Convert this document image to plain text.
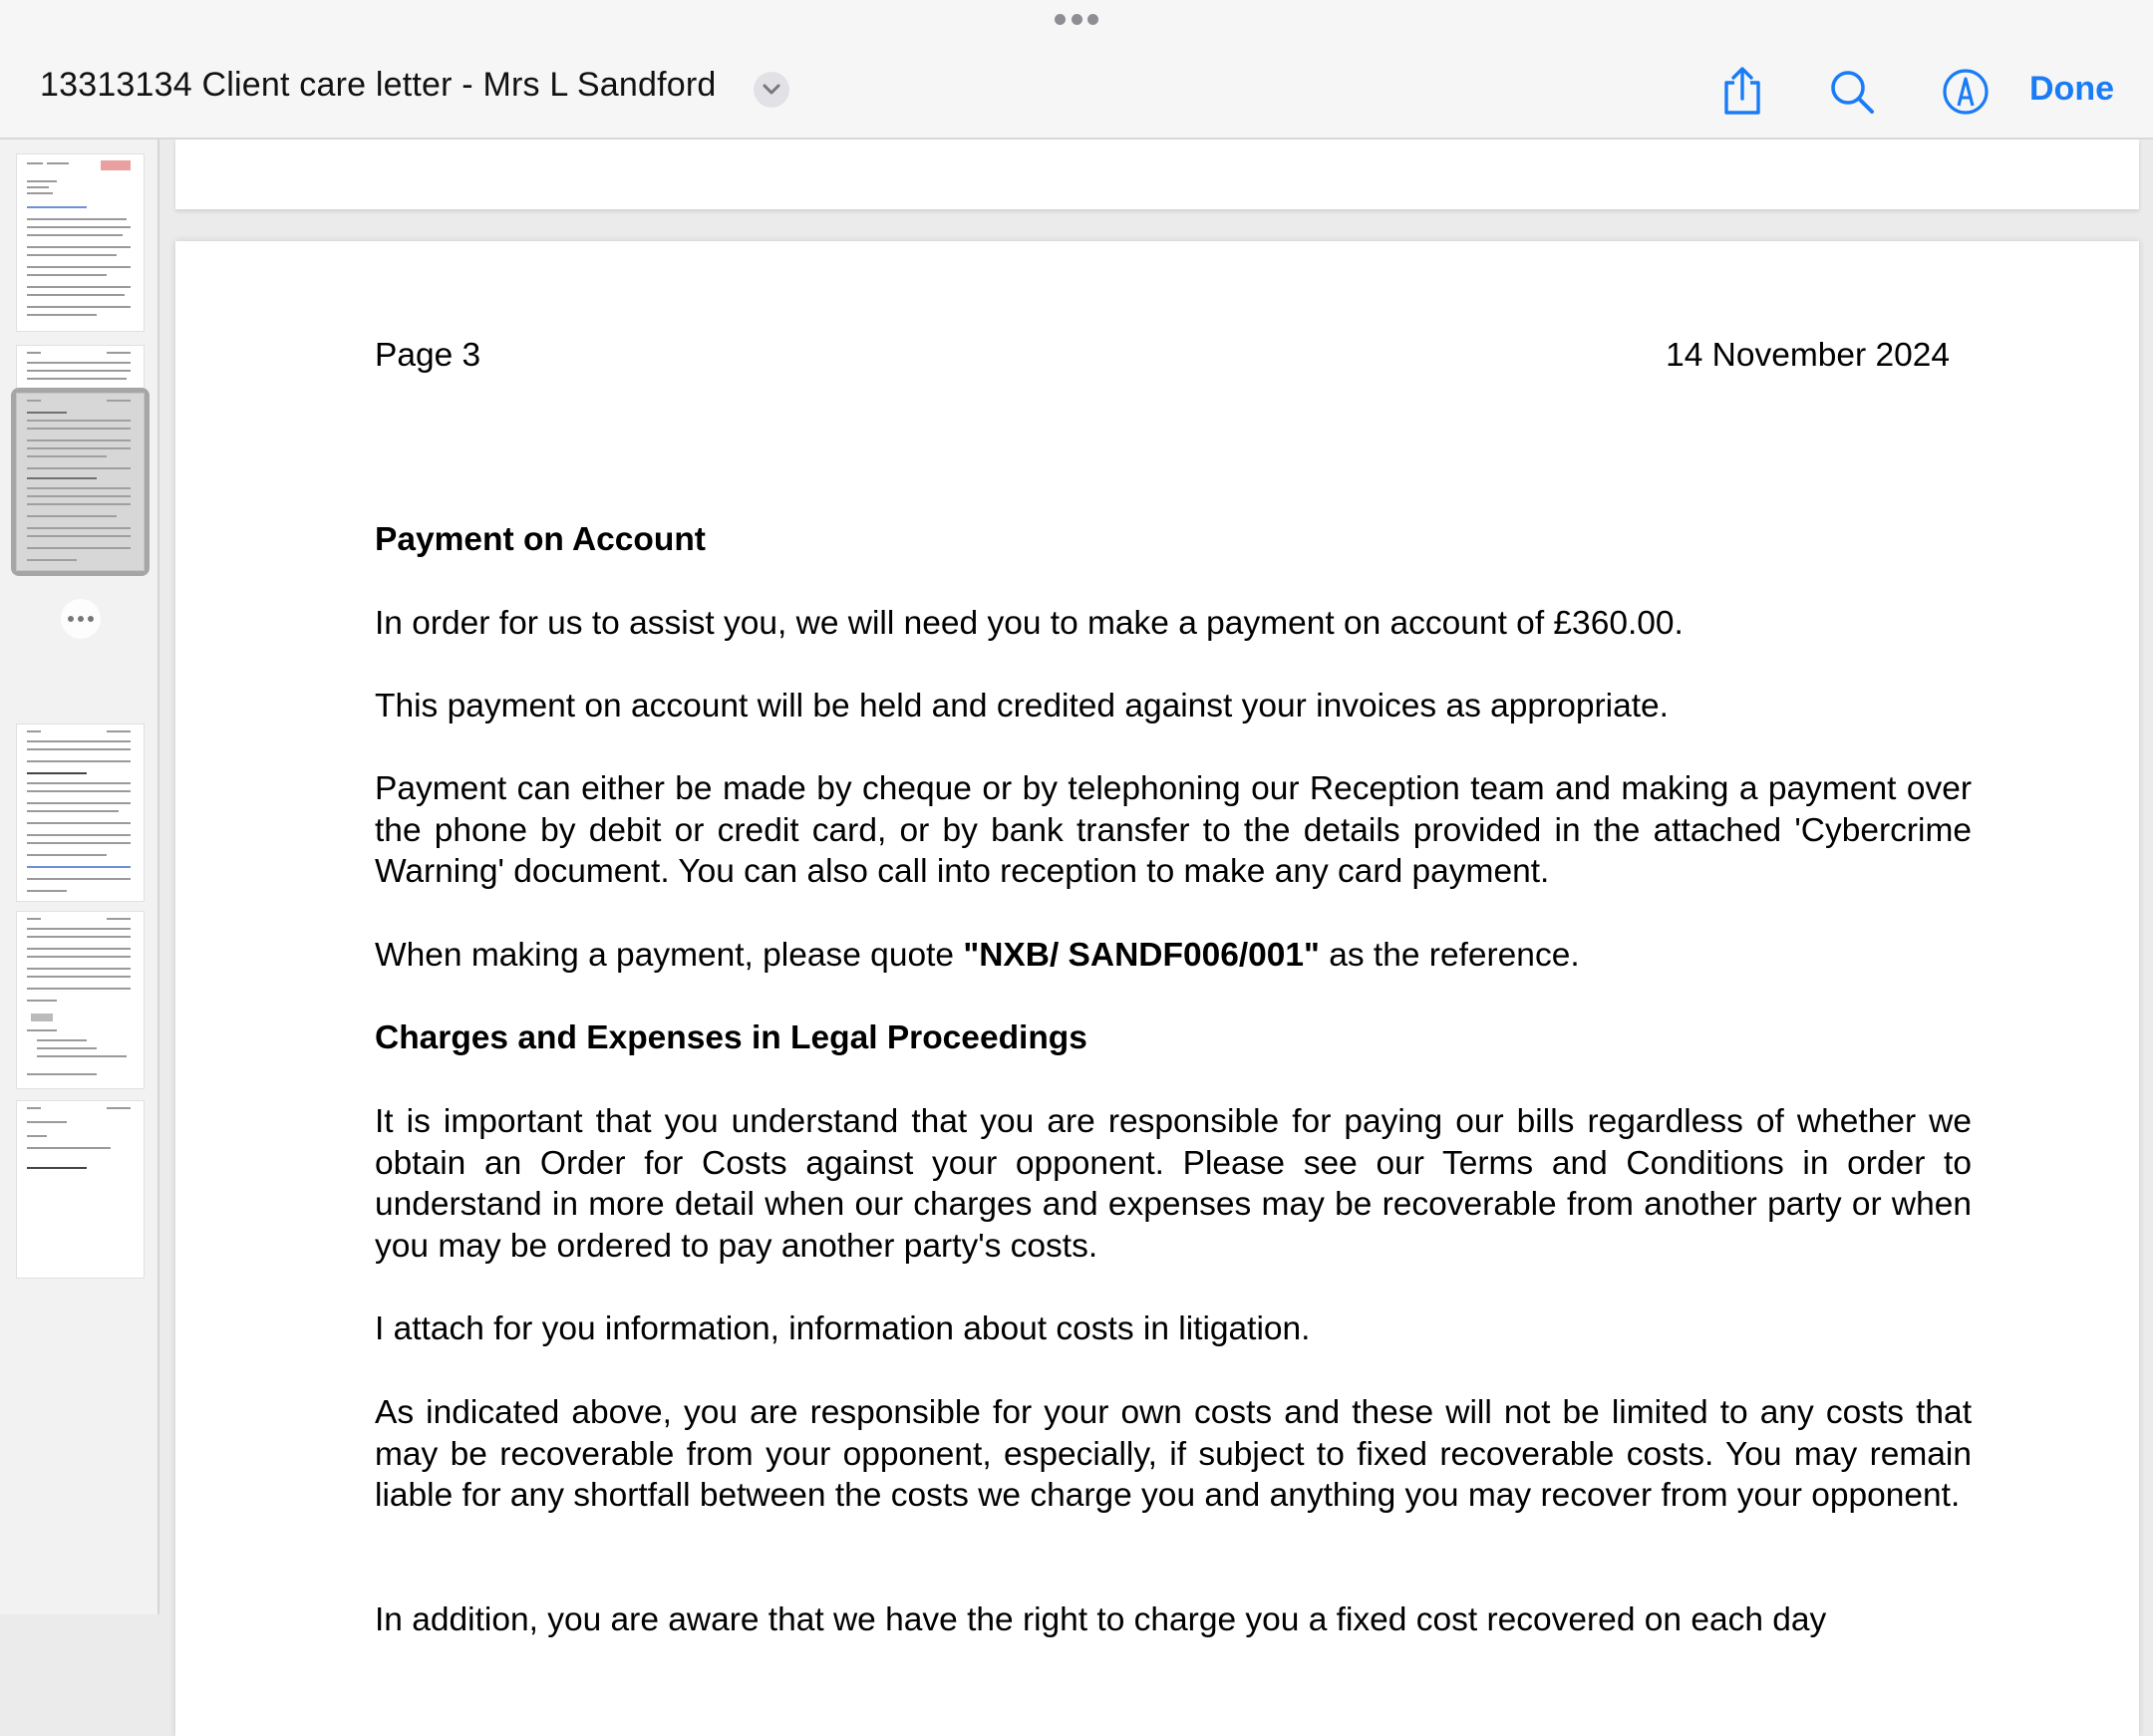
13313134 Client care letter - Mrs L Sandford	Done
Page 3	14 November 2024
Payment on Account
In order for us to assist you, we will need you to make a payment on account of £360.00.
This payment on account will be held and credited against your invoices as appropriate.
Payment can either be made by cheque or by telephoning our Reception team and making a payment over the phone by debit or credit card, or by bank transfer to the details provided in the attached 'Cybercrime Warning' document. You can also call into reception to make any card payment.
When making a payment, please quote "NXB/ SANDF006/001" as the reference.
Charges and Expenses in Legal Proceedings
It is important that you understand that you are responsible for paying our bills regardless of whether we obtain an Order for Costs against your opponent. Please see our Terms and Conditions in order to understand in more detail when our charges and expenses may be recoverable from another party or when you may be ordered to pay another party's costs.
I attach for you information, information about costs in litigation.
As indicated above, you are responsible for your own costs and these will not be limited to any costs that may be recoverable from your opponent, especially, if subject to fixed recoverable costs. You may remain liable for any shortfall between the costs we charge you and anything you may recover from your opponent.
In addition, you are aware that we have the right to charge you a fixed cost recovered on each day
